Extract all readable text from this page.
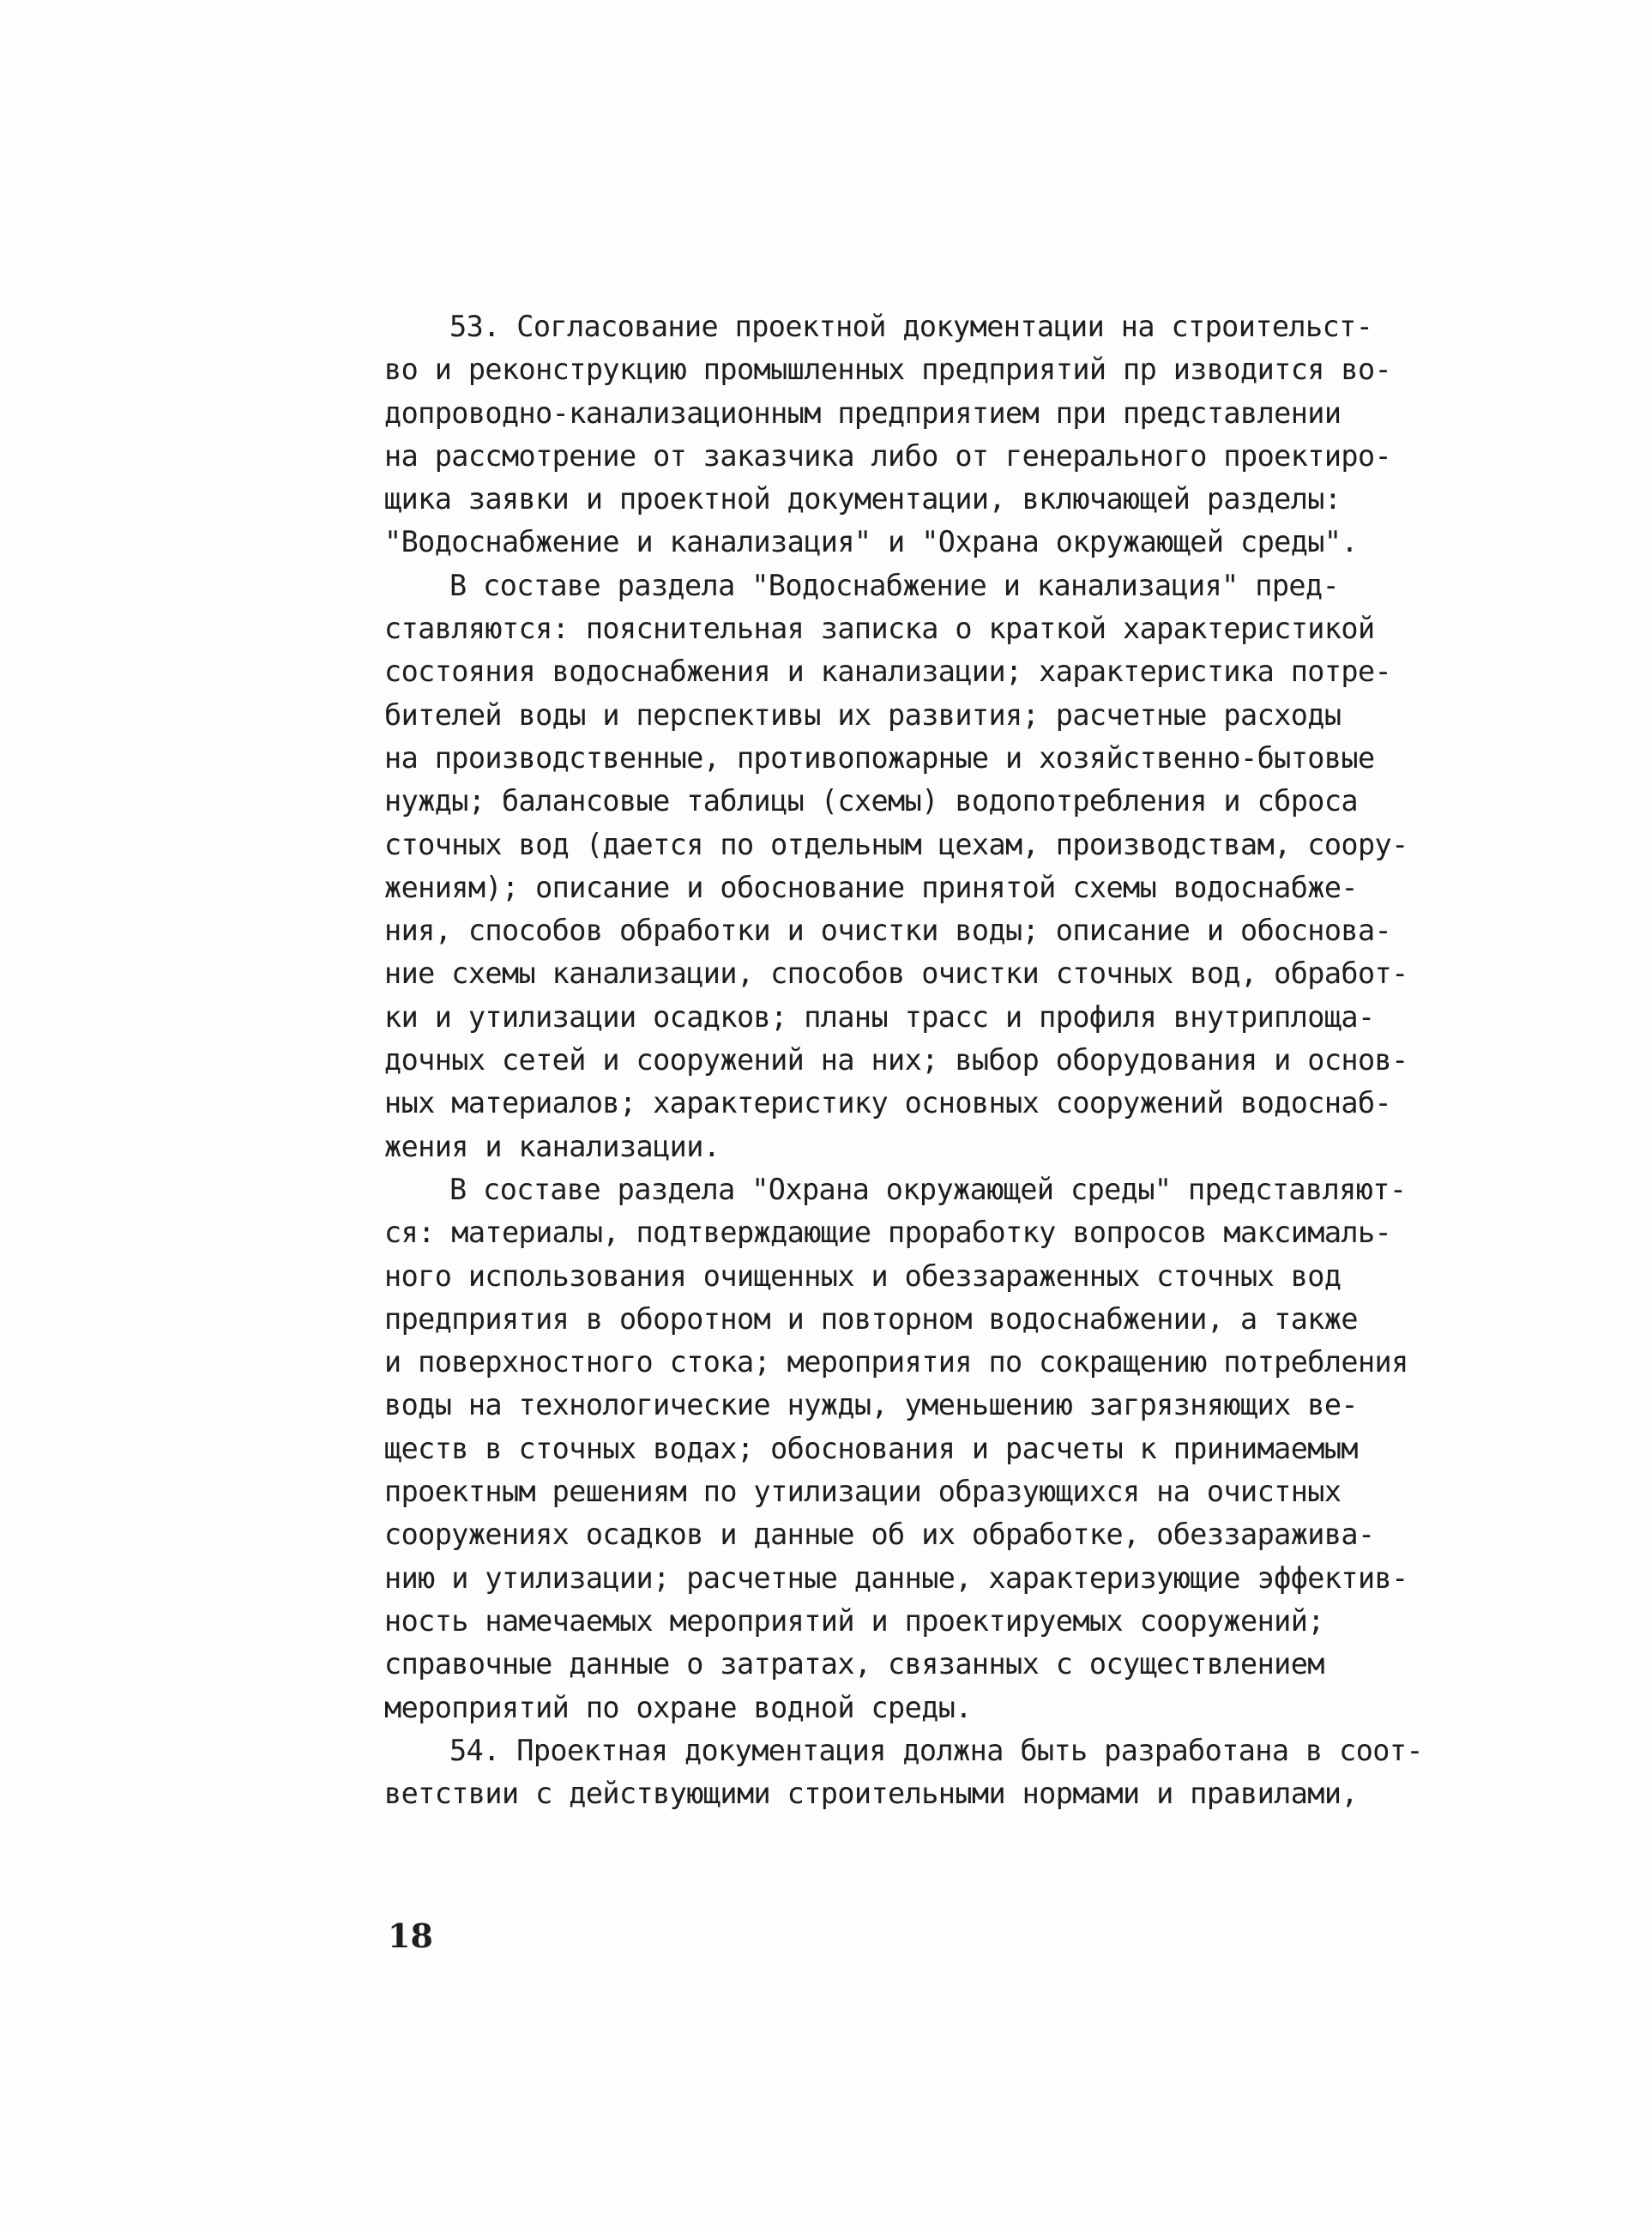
53. Согласование проектной документации на строительст-
во и реконструкцию промышленных предприятий пр изводится во-
допроводно-канализационным предприятием при представлении
на рассмотрение от заказчика либо от генерального проектиро-
щика заявки и проектной документации, включающей разделы:
"Водоснабжение и канализация" и "Охрана окружающей среды".
В составе раздела "Водоснабжение и канализация" пред-
ставляются: пояснительная записка о краткой характеристикой
состояния водоснабжения и канализации; характеристика потре-
бителей воды и перспективы их развития; расчетные расходы
на производственные, противопожарные и хозяйственно-бытовые
нужды; балансовые таблицы (схемы) водопотребления и сброса
сточных вод (дается по отдельным цехам, производствам, соору-
жениям); описание и обоснование принятой схемы водоснабже-
ния, способов обработки и очистки воды; описание и обоснова-
ние схемы канализации, способов очистки сточных вод, обработ-
ки и утилизации осадков; планы трасс и профиля внутриплоща-
дочных сетей и сооружений на них; выбор оборудования и основ-
ных материалов; характеристику основных сооружений водоснаб-
жения и канализации.
В составе раздела "Охрана окружающей среды" представляют-
ся: материалы, подтверждающие проработку вопросов максималь-
ного использования очищенных и обеззараженных сточных вод
предприятия в оборотном и повторном водоснабжении, а также
и поверхностного стока; мероприятия по сокращению потребления
воды на технологические нужды, уменьшению загрязняющих ве-
ществ в сточных водах; обоснования и расчеты к принимаемым
проектным решениям по утилизации образующихся на очистных
сооружениях осадков и данные об их обработке, обеззаражива-
нию и утилизации; расчетные данные, характеризующие эффектив-
ность намечаемых мероприятий и проектируемых сооружений;
справочные данные о затратах, связанных с осуществлением
мероприятий по охране водной среды.
54. Проектная документация должна быть разработана в соот-
ветствии с действующими строительными нормами и правилами,
18
